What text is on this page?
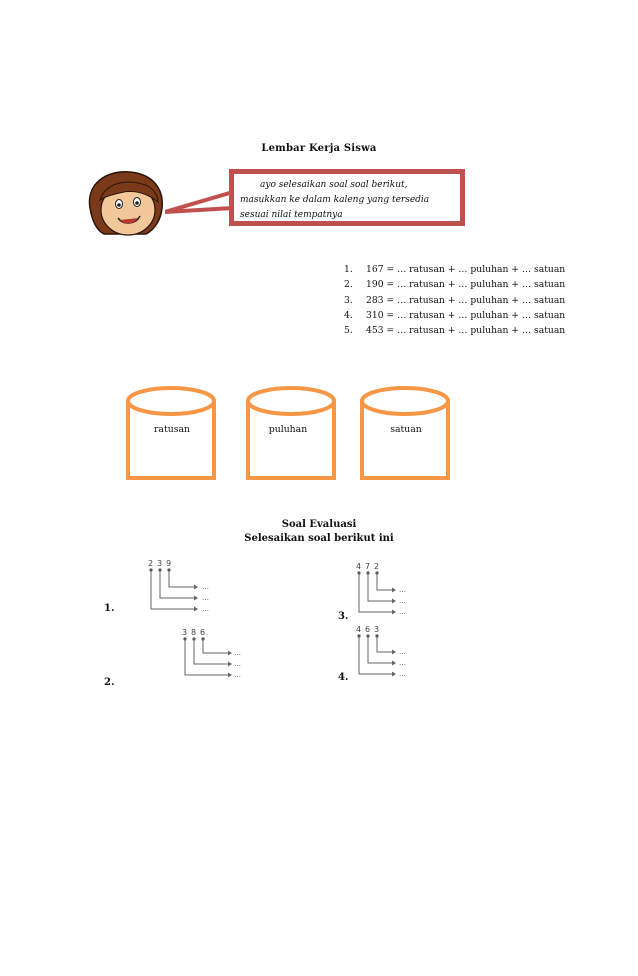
Lembar Kerja Siswa
ayo selesaikan soal soal berikut, masukkan ke dalam kaleng yang tersedia sesuai nilai tempatnya
1. 167 = … ratusan + … puluhan + … satuan
2. 190 = … ratusan + … puluhan + … satuan
3. 283 = … ratusan + … puluhan + … satuan
4. 310 = … ratusan + … puluhan + … satuan
5. 453 = … ratusan + … puluhan + … satuan
ratusan	puluhan	satuan
Soal Evaluasi
Selesaikan soal berikut ini
1.
2 3 9
…
…
…
2.
3 8 6
…
…
…
3.
4 7 2
…
…
…
4.
4 6 3
…
…
…
